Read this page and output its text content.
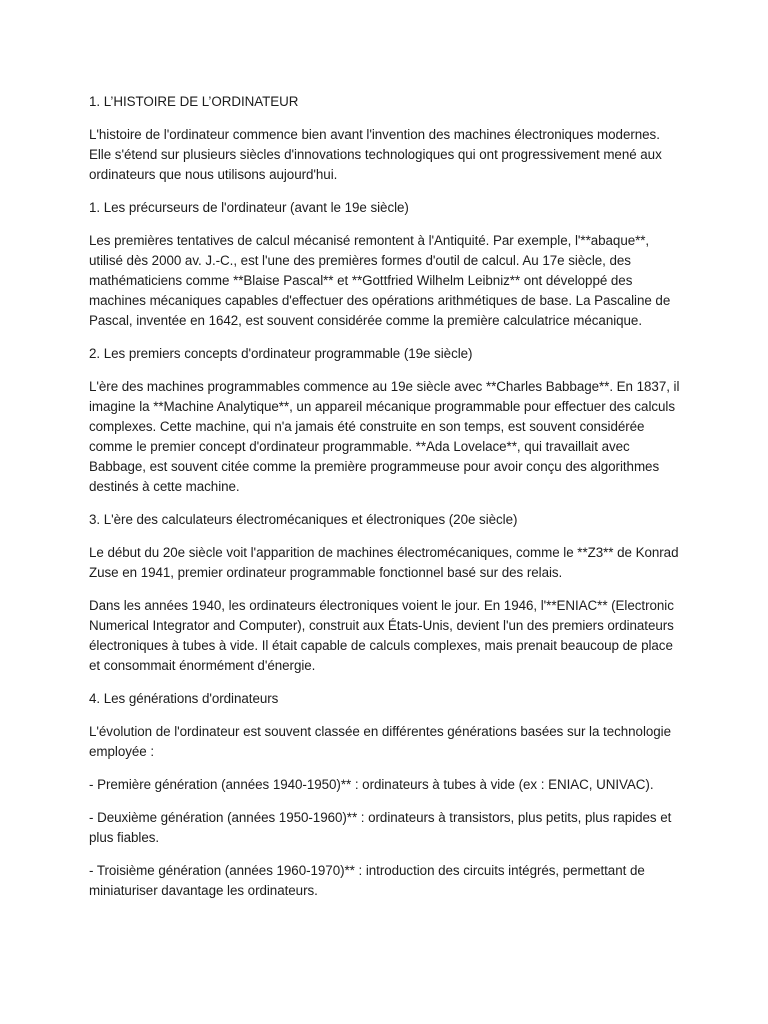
1. L’HISTOIRE DE L’ORDINATEUR

L'histoire de l'ordinateur commence bien avant l'invention des machines électroniques modernes. Elle s'étend sur plusieurs siècles d'innovations technologiques qui ont progressivement mené aux ordinateurs que nous utilisons aujourd'hui.

1. Les précurseurs de l'ordinateur (avant le 19e siècle)

Les premières tentatives de calcul mécanisé remontent à l'Antiquité. Par exemple, l'**abaque**, utilisé dès 2000 av. J.-C., est l'une des premières formes d'outil de calcul. Au 17e siècle, des mathématiciens comme **Blaise Pascal** et **Gottfried Wilhelm Leibniz** ont développé des machines mécaniques capables d'effectuer des opérations arithmétiques de base. La Pascaline de Pascal, inventée en 1642, est souvent considérée comme la première calculatrice mécanique.

2. Les premiers concepts d'ordinateur programmable (19e siècle)

L'ère des machines programmables commence au 19e siècle avec **Charles Babbage**. En 1837, il imagine la **Machine Analytique**, un appareil mécanique programmable pour effectuer des calculs complexes. Cette machine, qui n'a jamais été construite en son temps, est souvent considérée comme le premier concept d'ordinateur programmable. **Ada Lovelace**, qui travaillait avec Babbage, est souvent citée comme la première programmeuse pour avoir conçu des algorithmes destinés à cette machine.

3. L'ère des calculateurs électromécaniques et électroniques (20e siècle)

Le début du 20e siècle voit l'apparition de machines électromécaniques, comme le **Z3** de Konrad Zuse en 1941, premier ordinateur programmable fonctionnel basé sur des relais.

Dans les années 1940, les ordinateurs électroniques voient le jour. En 1946, l'**ENIAC** (Electronic Numerical Integrator and Computer), construit aux États-Unis, devient l'un des premiers ordinateurs électroniques à tubes à vide. Il était capable de calculs complexes, mais prenait beaucoup de place et consommait énormément d'énergie.

4. Les générations d'ordinateurs

L'évolution de l'ordinateur est souvent classée en différentes générations basées sur la technologie employée :

- Première génération (années 1940-1950)** : ordinateurs à tubes à vide (ex : ENIAC, UNIVAC).

- Deuxième génération (années 1950-1960)** : ordinateurs à transistors, plus petits, plus rapides et plus fiables.

- Troisième génération (années 1960-1970)** : introduction des circuits intégrés, permettant de miniaturiser davantage les ordinateurs.
